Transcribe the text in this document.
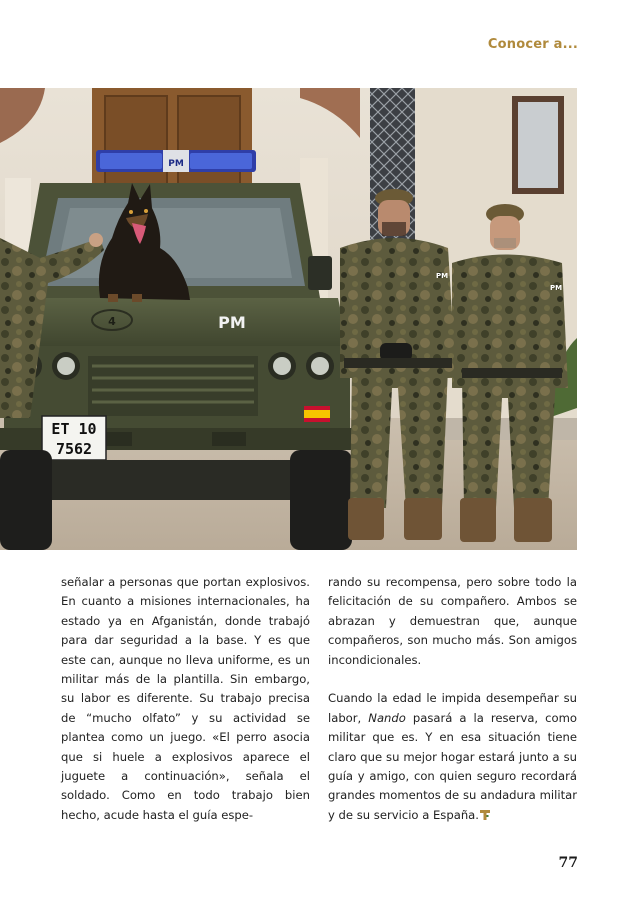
Conocer a...
PM
PM
4
ET 10
7562
PM
PM

señalar a personas que portan explosivos. En cuanto a misiones internacionales, ha estado ya en Afganistán, donde trabajó para dar seguridad a la base. Y es que este can, aunque no lleva uniforme, es un militar más de la plantilla. Sin embargo, su labor es diferente. Su trabajo precisa de “mucho olfato” y su actividad se plantea como un juego. «El perro asocia que si huele a explosivos aparece el juguete a continuación», señala el soldado. Como en todo trabajo bien hecho, acude hasta el guía espe-

rando su recompensa, pero sobre todo la felicitación de su compañero. Ambos se abrazan y demuestran que, aunque compañeros, son mucho más. Son amigos incondicionales.

Cuando la edad le impida desempeñar su labor, Nando pasará a la reserva, como militar que es. Y en esa situación tiene claro que su mejor hogar estará junto a su guía y amigo, con quien seguro recordará grandes momentos de su andadura militar y de su servicio a España.

77
